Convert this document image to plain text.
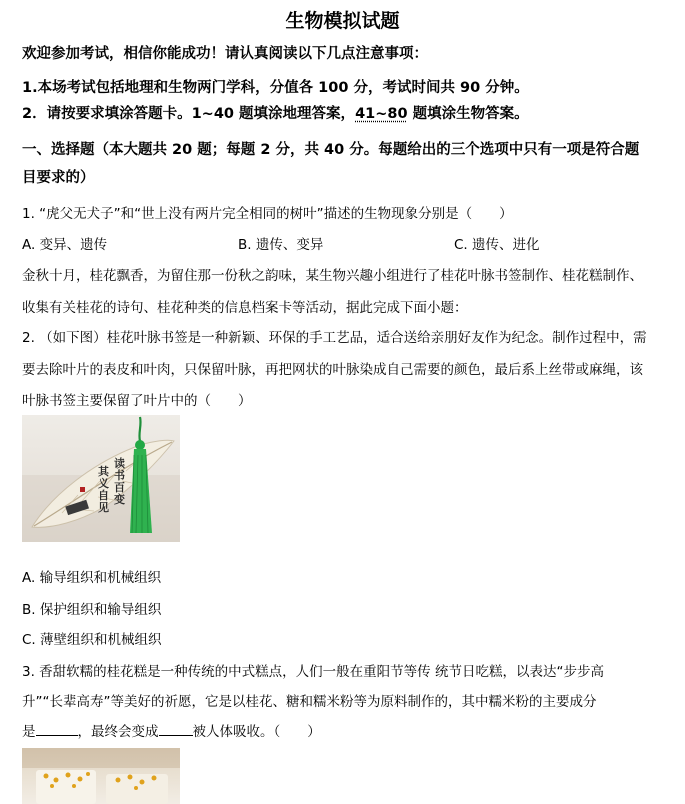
生物模拟试题
欢迎参加考试，相信你能成功！请认真阅读以下几点注意事项：
1.本场考试包括地理和生物两门学科，分值各 100 分，考试时间共 90 分钟。
2．请按要求填涂答题卡。1~40 题填涂地理答案，41~80 题填涂生物答案。
一、选择题（本大题共 20 题；每题 2 分，共 40 分。每题给出的三个选项中只有一项是符合题
目要求的）
1. “虎父无犬子”和“世上没有两片完全相同的树叶”描述的生物现象分别是（　　）
A. 变异、遗传	B. 遗传、变异	C. 遗传、进化
金秋十月，桂花飘香，为留住那一份秋之韵味，某生物兴趣小组进行了桂花叶脉书签制作、桂花糕制作、
收集有关桂花的诗句、桂花种类的信息档案卡等活动，据此完成下面小题：
2. （如下图）桂花叶脉书签是一种新颖、环保的手工艺品，适合送给亲朋好友作为纪念。制作过程中，需
要去除叶片的表皮和叶肉，只保留叶脉，再把网状的叶脉染成自己需要的颜色，最后系上丝带或麻绳，该
叶脉书签主要保留了叶片中的（　　）
读书百变
其义自见
A. 输导组织和机械组织
B. 保护组织和输导组织
C. 薄壁组织和机械组织
3. 香甜软糯的桂花糕是一种传统的中式糕点，人们一般在重阳节等传 统节日吃糕，以表达“步步高
升”“长辈高寿”等美好的祈愿，它是以桂花、糖和糯米粉等为原料制作的，其中糯米粉的主要成分
是	，最终会变成	被人体吸收。（　　）
